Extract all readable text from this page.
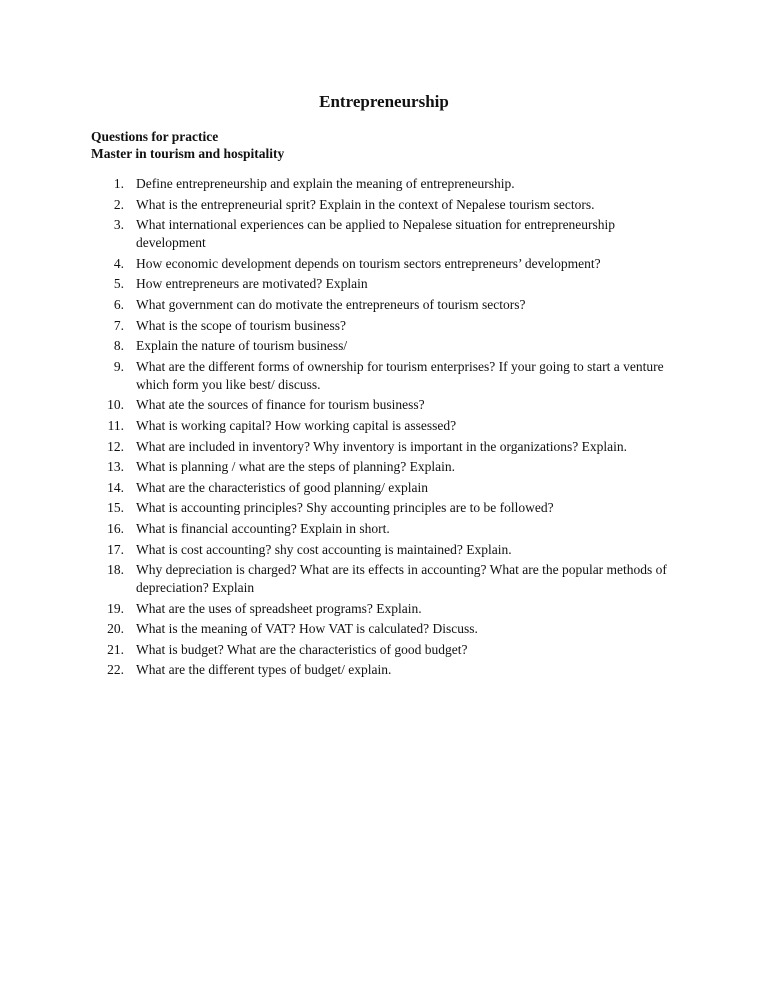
Entrepreneurship

Questions for practice

Master in tourism and hospitality

1. Define entrepreneurship and explain the meaning of entrepreneurship.
2. What is the entrepreneurial sprit? Explain in the context of Nepalese tourism sectors.
3. What international experiences can be applied to Nepalese situation for entrepreneurship development
4. How economic development depends on tourism sectors entrepreneurs’ development?
5. How entrepreneurs are motivated? Explain
6. What government can do motivate the entrepreneurs of tourism sectors?
7. What is the scope of tourism business?
8. Explain the nature of tourism business/
9. What are the different forms of ownership for tourism enterprises? If your going to start a venture which form you like best/ discuss.
10. What ate the sources of finance for tourism business?
11. What is working capital? How working capital is assessed?
12. What are included in inventory? Why inventory is important in the organizations? Explain.
13. What is planning / what are the steps of planning? Explain.
14. What are the characteristics of good planning/ explain
15. What is accounting principles? Shy accounting principles are to be followed?
16. What is financial accounting? Explain in short.
17. What is cost accounting? shy cost accounting is maintained? Explain.
18. Why depreciation is charged? What are its effects in accounting? What are the popular methods of depreciation? Explain
19. What are the uses of spreadsheet programs? Explain.
20. What is the meaning of VAT? How VAT is calculated? Discuss.
21. What is budget? What are the characteristics of good budget?
22. What are the different types of budget/ explain.
